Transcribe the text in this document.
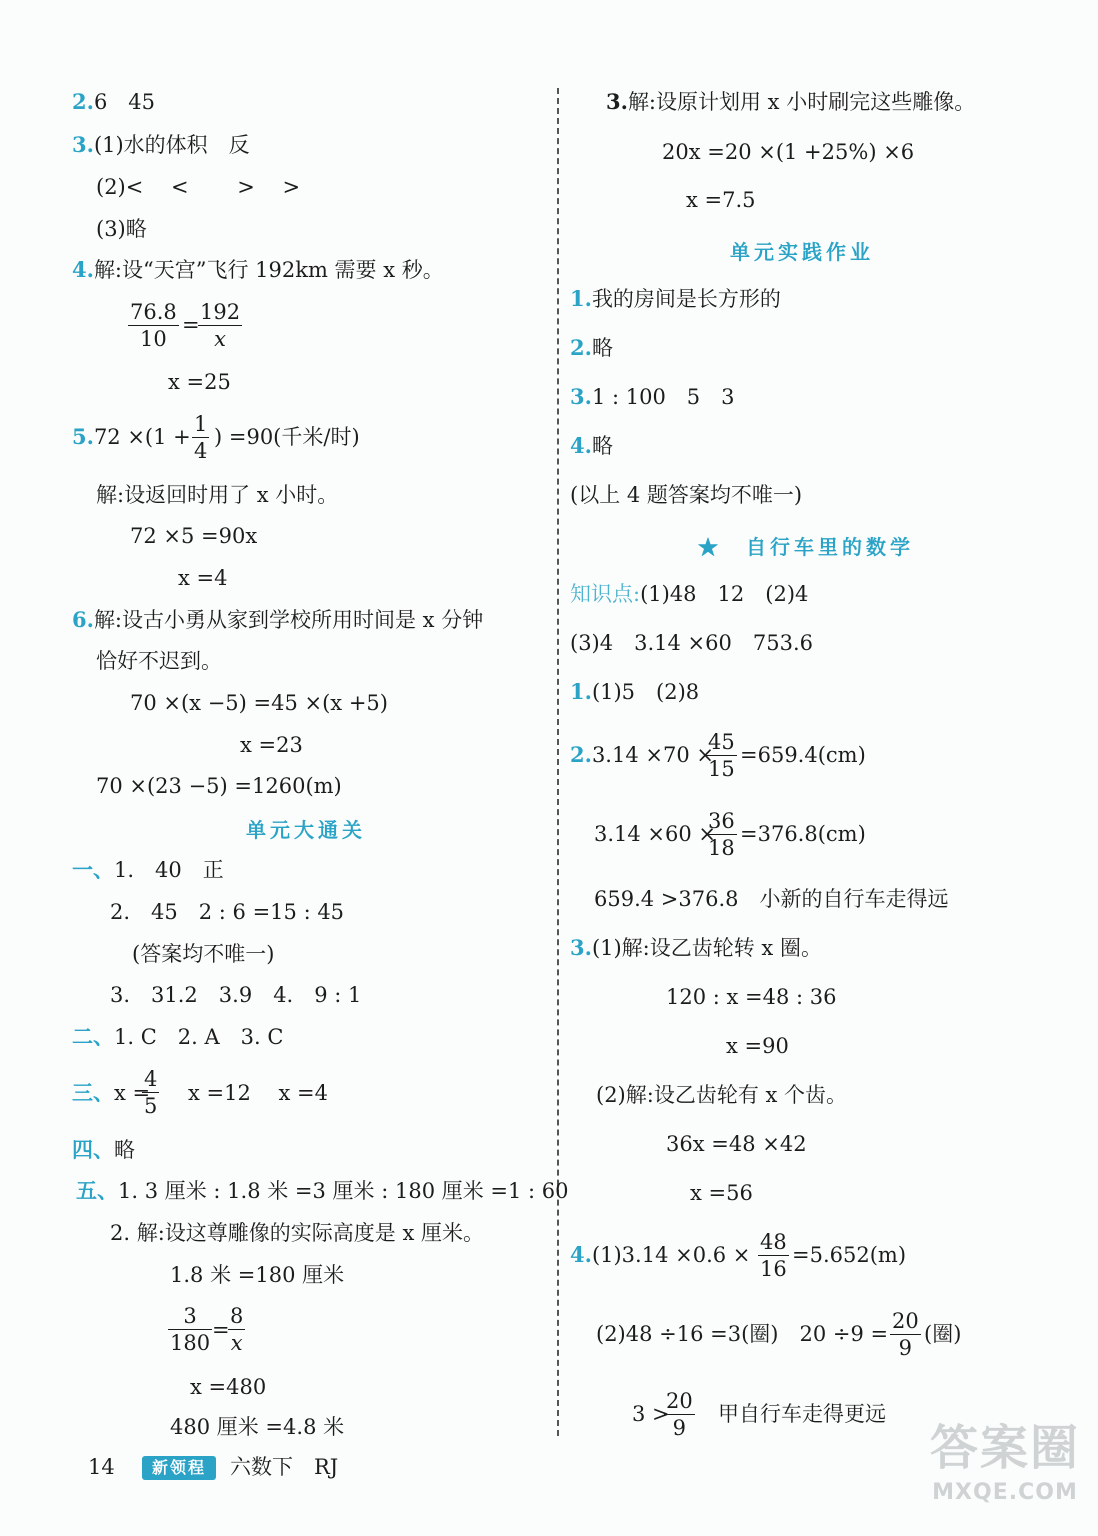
2.6　45
3.(1)水的体积　反
(2)<　 <　　 >　 >
(3)略
4.解:设“天宫”飞行 192km 需要 x 秒。
$\frac{76.8}{10}$ =
$\frac{192}{x}$
x =25
$5.72 \times(1 + \frac{1}{4}$ ) =90(千米/时)
解:设返回时用了 x 小时。
72 ×5 =90x
x =4
6.解:设古小勇从家到学校所用时间是 x 分钟
恰好不迟到。
70 ×(x −5) =45 ×(x +5)
x =23
70 ×(23 −5) =1260(m)
单元大通关
一、1.　40　正
2.　45　2 : 6 =15 : 45
(答案均不唯一)
3.　31.2　3.9　4.　9 : 1
二、1. C　2. A　3. C
三、x =
$\frac{4}{5}$ x =12　 x =4
四、略
五、1. 3 厘米 : 1.8 米 =3 厘米 : 180 厘米 =1 : 60
2. 解:设这尊雕像的实际高度是 x 厘米。
1.8 米 =180 厘米
$\frac{3}{180}$ =
$\frac{8}{x}$
x =480
480 厘米 =4.8 米
3.解:设原计划用 x 小时刷完这些雕像。
20x =20 ×(1 +25%) ×6
x =7.5
单元实践作业
1.我的房间是长方形的
2.略
3.1 : 100　5　3
4.略
(以上 4 题答案均不唯一)
★　 自行车里的数学
知识点:(1)48　12　(2)4
(3)4　3.14 ×60　753.6
1.(1)5　(2)8
2.3.14 ×70 ×
$\frac{45}{15} =659.4(cm)$
3.14 ×60 ×
$\frac{36}{18} =376.8(cm)$
659.4 >376.8　小新的自行车走得远
3.(1)解:设乙齿轮转 x 圈。
120 : x =48 : 36
x =90
(2)解:设乙齿轮有 x 个齿。
36x =48 ×42
x =56
$4.(1)3.14 \times 0.6 \times \frac{48}{16} =5.652(m)$
(2)48 ÷16 =3(圈)　$20 \div 9 = \frac{20}{9}$ (圈)
3 >
$\frac{20}{9}$ 甲自行车走得更远
14	新领程	六数下　RJ	答案圈
MXQE.COM
